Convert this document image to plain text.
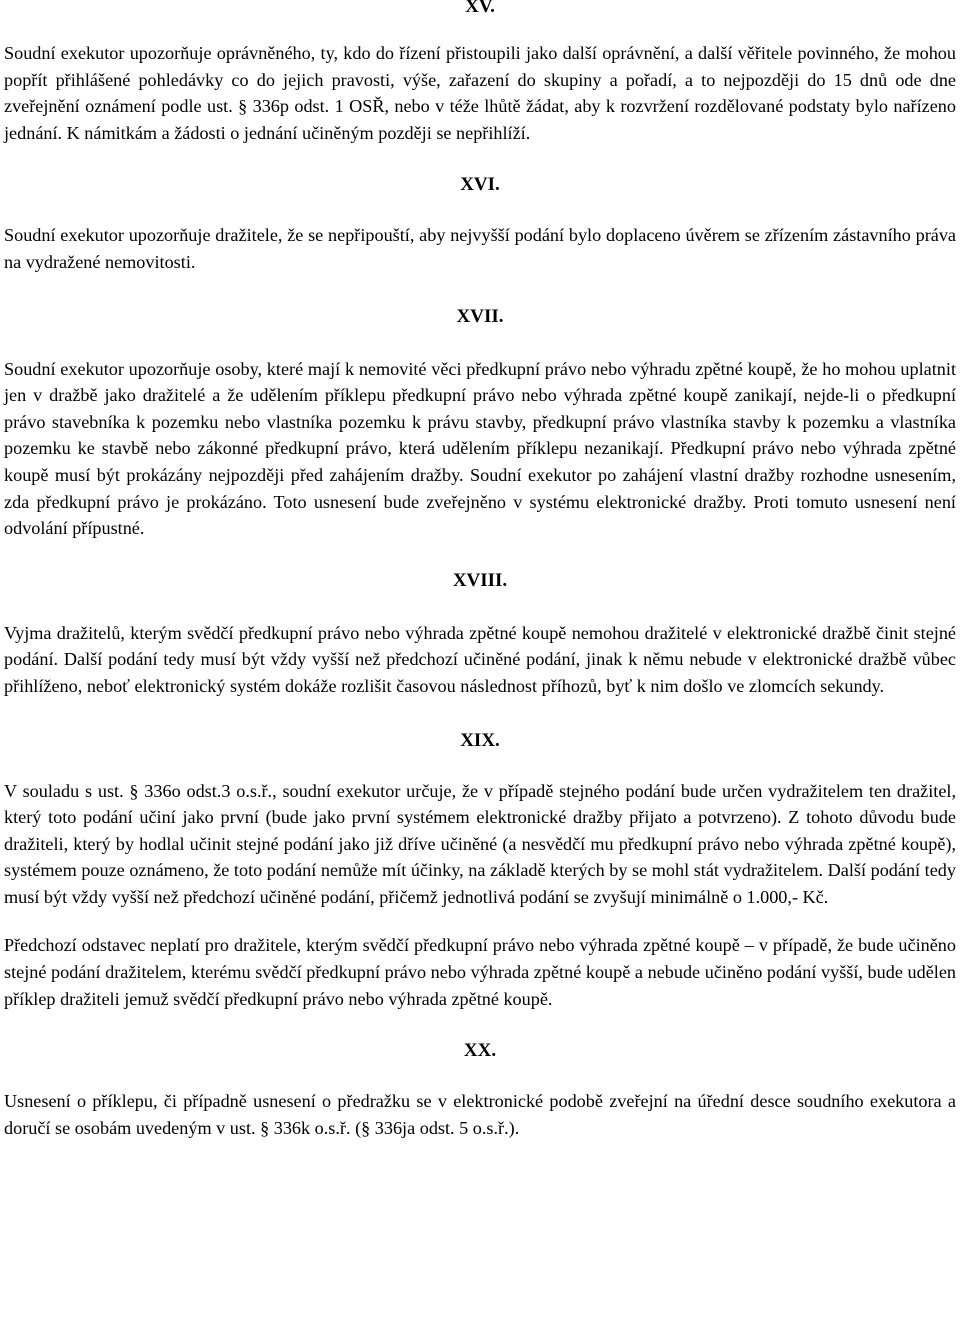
XV.

Soudní exekutor upozorňuje oprávněného, ty, kdo do řízení přistoupili jako další oprávnění, a další věřitele povinného, že mohou popřít přihlášené pohledávky co do jejich pravosti, výše, zařazení do skupiny a pořadí, a to nejpozději do 15 dnů ode dne zveřejnění oznámení podle ust. § 336p odst. 1 OSŘ, nebo v téže lhůtě žádat, aby k rozvržení rozdělované podstaty bylo nařízeno jednání. K námitkám a žádosti o jednání učiněným později se nepřihlíží.

XVI.

Soudní exekutor upozorňuje dražitele, že se nepřipouští, aby nejvyšší podání bylo doplaceno úvěrem se zřízením zástavního práva na vydražené nemovitosti.

XVII.

Soudní exekutor upozorňuje osoby, které mají k nemovité věci předkupní právo nebo výhradu zpětné koupě, že ho mohou uplatnit jen v dražbě jako dražitelé a že udělením příklepu předkupní právo nebo výhrada zpětné koupě zanikají, nejde-li o předkupní právo stavebníka k pozemku nebo vlastníka pozemku k právu stavby, předkupní právo vlastníka stavby k pozemku a vlastníka pozemku ke stavbě nebo zákonné předkupní právo, která udělením příklepu nezanikají. Předkupní právo nebo výhrada zpětné koupě musí být prokázány nejpozději před zahájením dražby. Soudní exekutor po zahájení vlastní dražby rozhodne usnesením, zda předkupní právo je prokázáno. Toto usnesení bude zveřejněno v systému elektronické dražby. Proti tomuto usnesení není odvolání přípustné.

XVIII.

Vyjma dražitelů, kterým svědčí předkupní právo nebo výhrada zpětné koupě nemohou dražitelé v elektronické dražbě činit stejné podání. Další podání tedy musí být vždy vyšší než předchozí učiněné podání, jinak k němu nebude v elektronické dražbě vůbec přihlíženo, neboť elektronický systém dokáže rozlišit časovou následnost příhozů, byť k nim došlo ve zlomcích sekundy.

XIX.

V souladu s ust. § 336o odst.3 o.s.ř., soudní exekutor určuje, že v případě stejného podání bude určen vydražitelem ten dražitel, který toto podání učiní jako první (bude jako první systémem elektronické dražby přijato a potvrzeno). Z tohoto důvodu bude dražiteli, který by hodlal učinit stejné podání jako již dříve učiněné (a nesvědčí mu předkupní právo nebo výhrada zpětné koupě), systémem pouze oznámeno, že toto podání nemůže mít účinky, na základě kterých by se mohl stát vydražitelem. Další podání tedy musí být vždy vyšší než předchozí učiněné podání, přičemž jednotlivá podání se zvyšují minimálně o 1.000,- Kč.

Předchozí odstavec neplatí pro dražitele, kterým svědčí předkupní právo nebo výhrada zpětné koupě – v případě, že bude učiněno stejné podání dražitelem, kterému svědčí předkupní právo nebo výhrada zpětné koupě a nebude učiněno podání vyšší, bude udělen příklep dražiteli jemuž svědčí předkupní právo nebo výhrada zpětné koupě.

XX.

Usnesení o příklepu, či případně usnesení o předražku se v elektronické podobě zveřejní na úřední desce soudního exekutora a doručí se osobám uvedeným v ust. § 336k o.s.ř. (§ 336ja odst. 5 o.s.ř.).
